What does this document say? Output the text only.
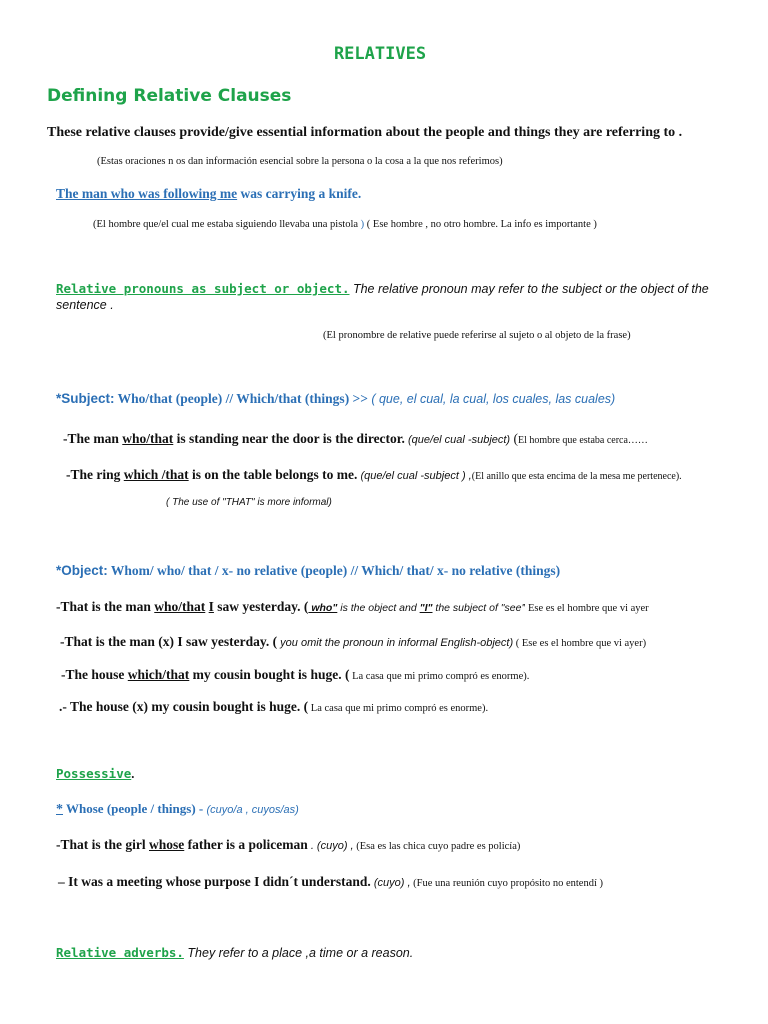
RELATIVES
Defining Relative Clauses
These relative clauses provide/give essential information about the people and things they are referring to .
(Estas oraciones n os dan información esencial sobre la persona o la cosa a la que nos referimos)
The man who was following me was carrying a knife.
(El hombre que/el cual me estaba siguiendo llevaba una pistola ) ( Ese hombre , no otro hombre. La info es importante )
Relative pronouns as subject or object. The relative pronoun may refer to the subject or the object of the
sentence .
(El pronombre de relative puede referirse al sujeto o al objeto de la frase)
*Subject: Who/that (people) // Which/that (things) >> ( que, el cual, la cual, los cuales, las cuales)
-The man who/that is standing near the door is the director. (que/el cual -subject) (El hombre que estaba cerca……
-The ring which /that is on the table belongs to me. (que/el cual -subject ) ,(El anillo que esta encima de la mesa me pertenece).
( The use of "THAT" is more informal)
*Object: Whom/ who/ that / x- no relative (people) // Which/ that/ x- no relative (things)
-That is the man who/that I saw yesterday. ( who" is the object and "I" the subject of "see'' Ese es el hombre que vi ayer
-That is the man (x) I saw yesterday. ( you omit the pronoun in informal English-object) ( Ese es el hombre que vi ayer)
-The house which/that my cousin bought is huge. ( La casa que mi primo compró es enorme).
.- The house (x) my cousin bought is huge. ( La casa que mi primo compró es enorme).
Possessive.
* Whose (people / things) - (cuyo/a , cuyos/as)
-That is the girl whose father is a policeman . (cuyo) , (Esa es las chica cuyo padre es policía)
– It was a meeting whose purpose I didn´t understand. (cuyo) , (Fue una reunión cuyo propósito no entendí )
Relative adverbs. They refer to a place ,a time or a reason.
